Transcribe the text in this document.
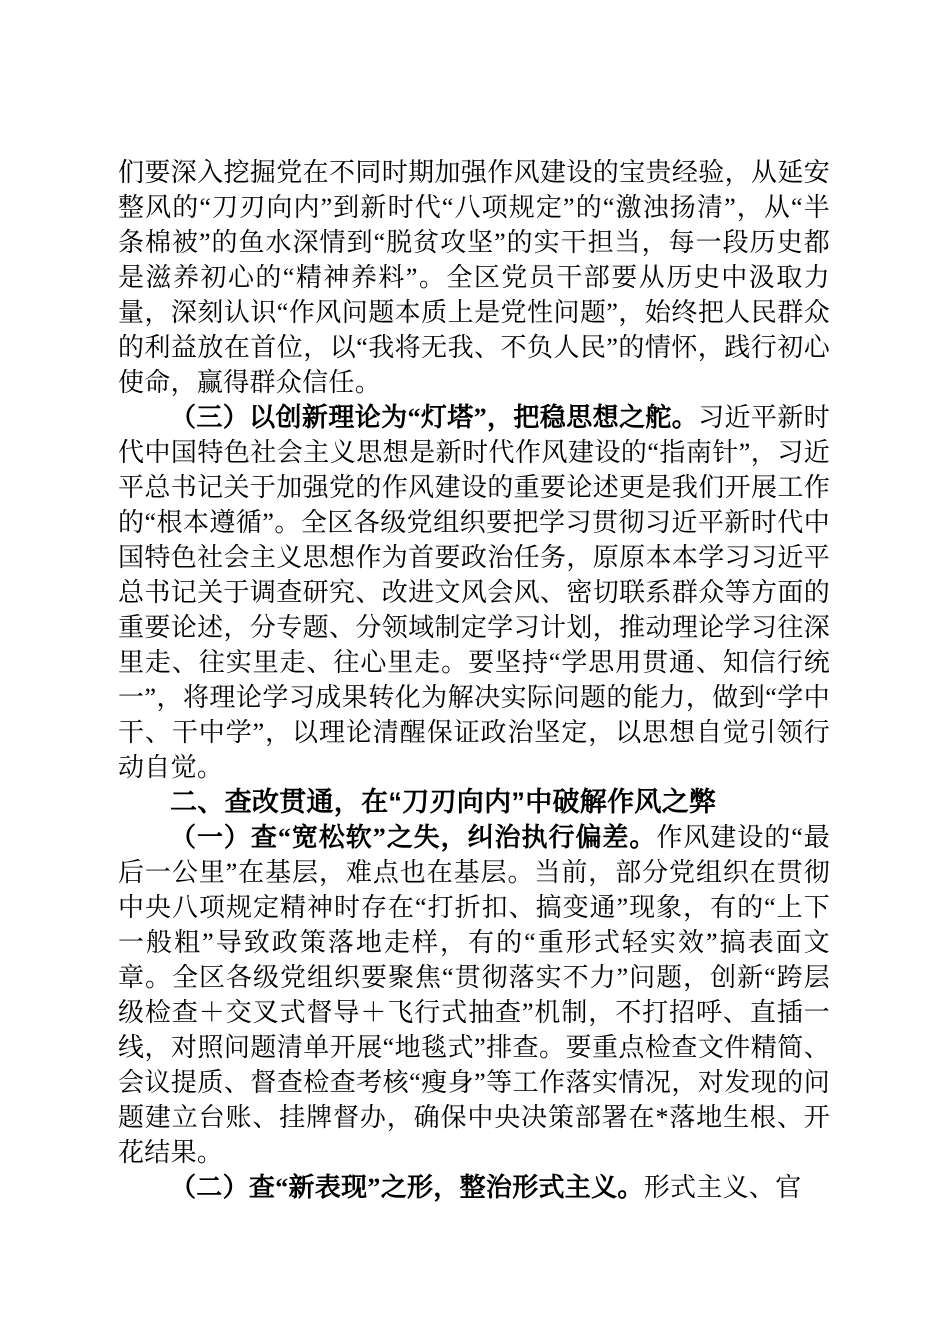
们要深入挖掘党在不同时期加强作风建设的宝贵经验，从延安整风的“刀刃向内”到新时代“八项规定”的“激浊扬清”，从“半条棉被”的鱼水深情到“脱贫攻坚”的实干担当，每一段历史都是滋养初心的“精神养料”。全区党员干部要从历史中汲取力量，深刻认识“作风问题本质上是党性问题”，始终把人民群众的利益放在首位，以“我将无我、不负人民”的情怀，践行初心使命，赢得群众信任。

（三）以创新理论为“灯塔”，把稳思想之舵。习近平新时代中国特色社会主义思想是新时代作风建设的“指南针”，习近平总书记关于加强党的作风建设的重要论述更是我们开展工作的“根本遵循”。全区各级党组织要把学习贯彻习近平新时代中国特色社会主义思想作为首要政治任务，原原本本学习习近平总书记关于调查研究、改进文风会风、密切联系群众等方面的重要论述，分专题、分领域制定学习计划，推动理论学习往深里走、往实里走、往心里走。要坚持“学思用贯通、知信行统一”，将理论学习成果转化为解决实际问题的能力，做到“学中干、干中学”，以理论清醒保证政治坚定，以思想自觉引领行动自觉。

二、查改贯通，在“刀刃向内”中破解作风之弊

（一）查“宽松软”之失，纠治执行偏差。作风建设的“最后一公里”在基层，难点也在基层。当前，部分党组织在贯彻中央八项规定精神时存在“打折扣、搞变通”现象，有的“上下一般粗”导致政策落地走样，有的“重形式轻实效”搞表面文章。全区各级党组织要聚焦“贯彻落实不力”问题，创新“跨层级检查＋交叉式督导＋飞行式抽查”机制，不打招呼、直插一线，对照问题清单开展“地毯式”排查。要重点检查文件精简、会议提质、督查检查考核“瘦身”等工作落实情况，对发现的问题建立台账、挂牌督办，确保中央决策部署在*落地生根、开花结果。

（二）查“新表现”之形，整治形式主义。形式主义、官
